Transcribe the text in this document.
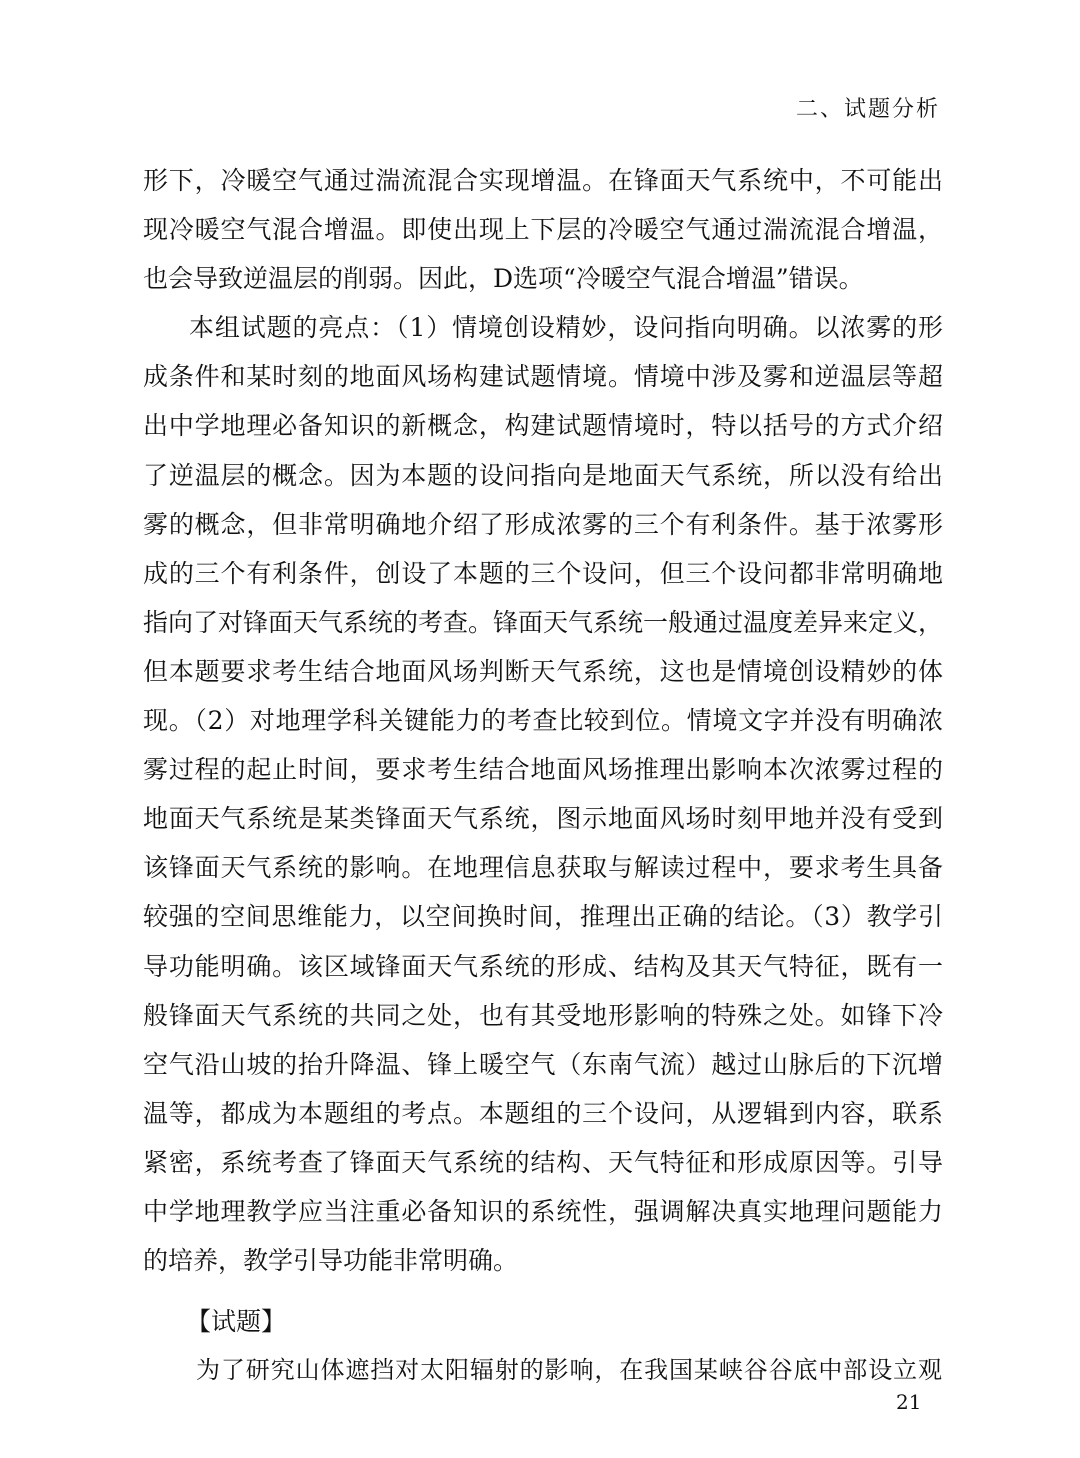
二、试题分析

形下，冷暖空气通过湍流混合实现增温。在锋面天气系统中，不可能出

现冷暖空气混合增温。即使出现上下层的冷暖空气通过湍流混合增温，

也会导致逆温层的削弱。因此，D选项“冷暖空气混合增温”错误。

本组试题的亮点：（1）情境创设精妙，设问指向明确。以浓雾的形

成条件和某时刻的地面风场构建试题情境。情境中涉及雾和逆温层等超

出中学地理必备知识的新概念，构建试题情境时，特以括号的方式介绍

了逆温层的概念。因为本题的设问指向是地面天气系统，所以没有给出

雾的概念，但非常明确地介绍了形成浓雾的三个有利条件。基于浓雾形

成的三个有利条件，创设了本题的三个设问，但三个设问都非常明确地

指向了对锋面天气系统的考查。锋面天气系统一般通过温度差异来定义，

但本题要求考生结合地面风场判断天气系统，这也是情境创设精妙的体

现。（2）对地理学科关键能力的考查比较到位。情境文字并没有明确浓

雾过程的起止时间，要求考生结合地面风场推理出影响本次浓雾过程的

地面天气系统是某类锋面天气系统，图示地面风场时刻甲地并没有受到

该锋面天气系统的影响。在地理信息获取与解读过程中，要求考生具备

较强的空间思维能力，以空间换时间，推理出正确的结论。（3）教学引

导功能明确。该区域锋面天气系统的形成、结构及其天气特征，既有一

般锋面天气系统的共同之处，也有其受地形影响的特殊之处。如锋下冷

空气沿山坡的抬升降温、锋上暖空气（东南气流）越过山脉后的下沉增

温等，都成为本题组的考点。本题组的三个设问，从逻辑到内容，联系

紧密，系统考查了锋面天气系统的结构、天气特征和形成原因等。引导

中学地理教学应当注重必备知识的系统性，强调解决真实地理问题能力

的培养，教学引导功能非常明确。

【试题】

为了研究山体遮挡对太阳辐射的影响，在我国某峡谷谷底中部设立观

21
